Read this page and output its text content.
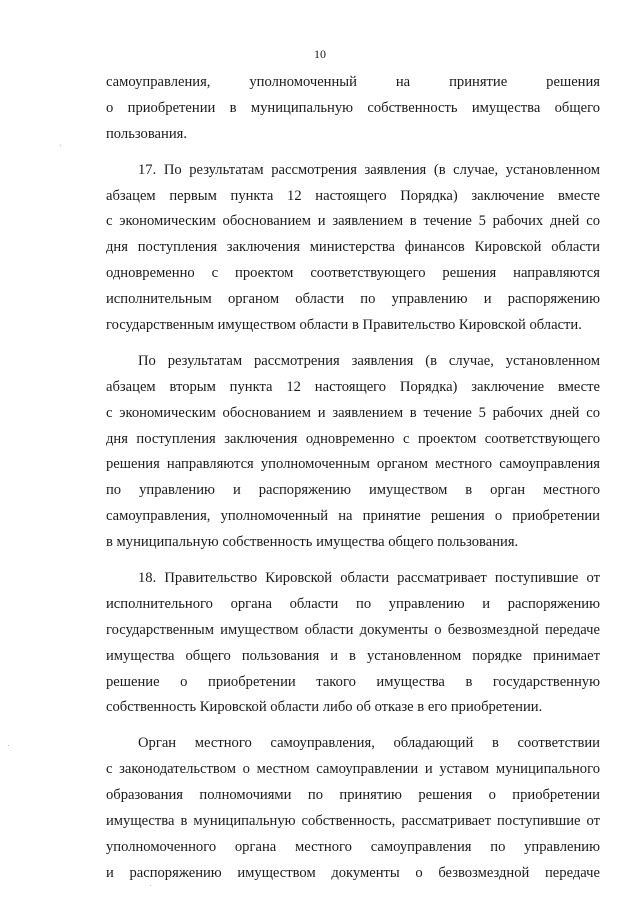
10
самоуправления, уполномоченный на принятие решения
о приобретении в муниципальную собственность имущества общего
пользования.
17. По результатам рассмотрения заявления (в случае, установленном
абзацем первым пункта 12 настоящего Порядка) заключение вместе
с экономическим обоснованием и заявлением в течение 5 рабочих дней со
дня поступления заключения министерства финансов Кировской области
одновременно с проектом соответствующего решения направляются
исполнительным органом области по управлению и распоряжению
государственным имуществом области в Правительство Кировской области.
По результатам рассмотрения заявления (в случае, установленном
абзацем вторым пункта 12 настоящего Порядка) заключение вместе
с экономическим обоснованием и заявлением в течение 5 рабочих дней со
дня поступления заключения одновременно с проектом соответствующего
решения направляются уполномоченным органом местного самоуправления
по управлению и распоряжению имуществом в орган местного
самоуправления, уполномоченный на принятие решения о приобретении
в муниципальную собственность имущества общего пользования.
18. Правительство Кировской области рассматривает поступившие от
исполнительного органа области по управлению и распоряжению
государственным имуществом области документы о безвозмездной передаче
имущества общего пользования и в установленном порядке принимает
решение о приобретении такого имущества в государственную
собственность Кировской области либо об отказе в его приобретении.
Орган местного самоуправления, обладающий в соответствии
с законодательством о местном самоуправлении и уставом муниципального
образования полномочиями по принятию решения о приобретении
имущества в муниципальную собственность, рассматривает поступившие от
уполномоченного органа местного самоуправления по управлению
и распоряжению имуществом документы о безвозмездной передаче
